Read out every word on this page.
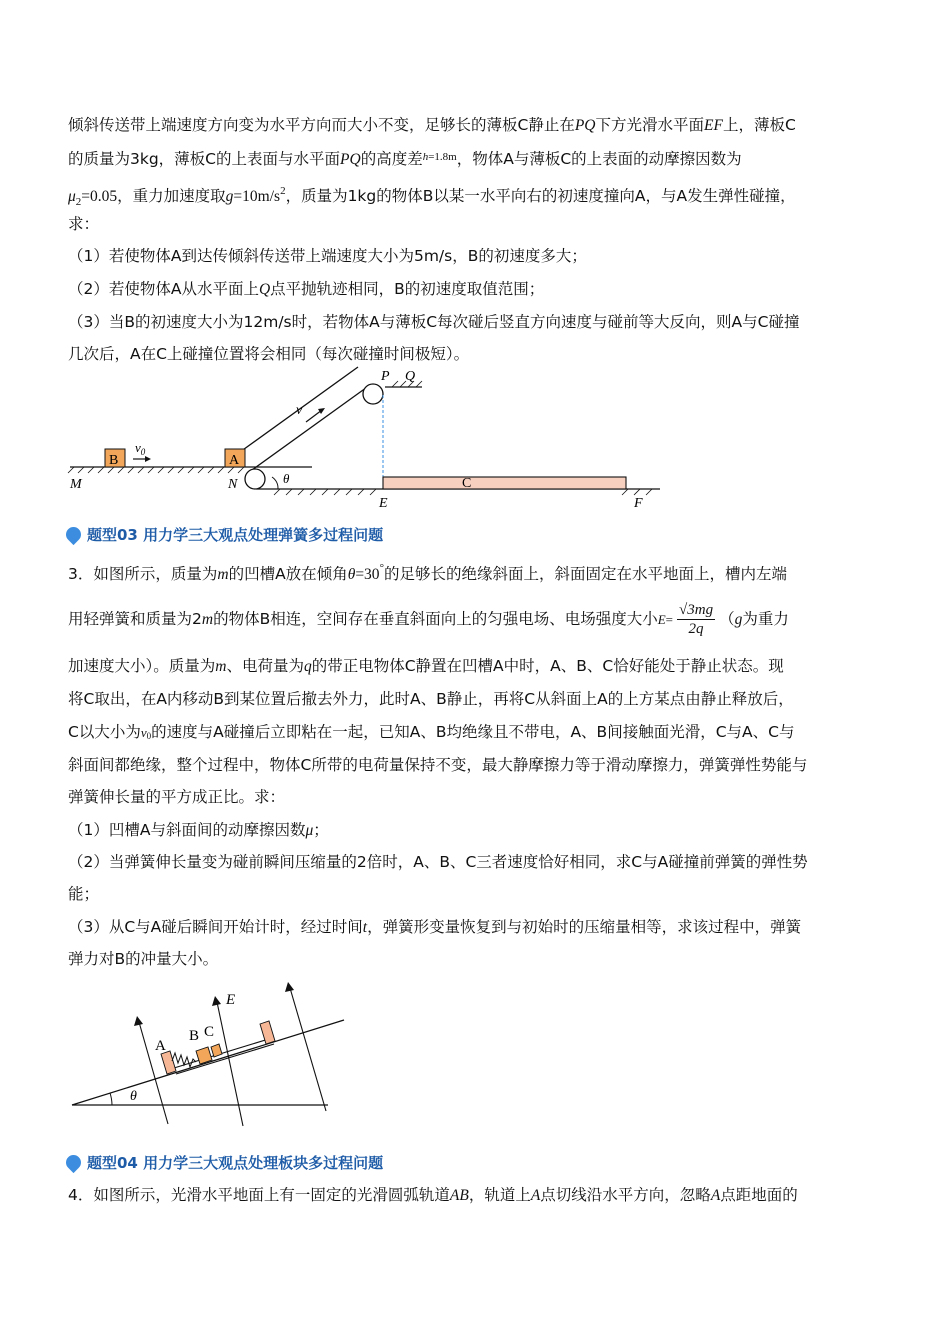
倾斜传送带上端速度方向变为水平方向而大小不变，足够长的薄板C静止在PQ下方光滑水平面EF上，薄板C
的质量为3kg，薄板C的上表面与水平面PQ的高度差$^{h=1.8m}$，物体A与薄板C的上表面的动摩擦因数为
$\mu_2=0.05$，重力加速度取$g=10m/s^2$，质量为1kg的物体B以某一水平向右的初速度撞向A，与A发生弹性碰撞，
求：
（1）若使物体A到达传倾斜传送带上端速度大小为5m/s，B的初速度多大；
（2）若使物体A从水平面上Q点平抛轨迹相同，B的初速度取值范围；
（3）当B的初速度大小为12m/s时，若物体A与薄板C每次碰后竖直方向速度与碰前等大反向，则A与C碰撞
几次后，A在C上碰撞位置将会相同（每次碰撞时间极短）。
B	A
$v_0$
v
P Q
M	N	θ	C
E	F
题型03
用力学三大观点处理弹簧多过程问题
3．如图所示，质量为m的凹槽A放在倾角θ=30°的足够长的绝缘斜面上，斜面固定在水平地面上，槽内左端
用轻弹簧和质量为2m的物体B相连，空间存在垂直斜面向上的匀强电场、电场强度大小$E= \frac{√3mg}{2q} (g$为重力
加速度大小）。质量为m、电荷量为q的带正电物体C静置在凹槽A中时，A、B、C恰好能处于静止状态。现
将C取出，在A内移动B到某位置后撤去外力，此时A、B静止，再将C从斜面上A的上方某点由静止释放后，
C以大小为v0的速度与A碰撞后立即粘在一起，已知A、B均绝缘且不带电，A、B间接触面光滑，C与A、C与
斜面间都绝缘，整个过程中，物体C所带的电荷量保持不变，最大静摩擦力等于滑动摩擦力，弹簧弹性势能与
弹簧伸长量的平方成正比。求：
（1）凹槽A与斜面间的动摩擦因数μ；
（2）当弹簧伸长量变为碰前瞬间压缩量的2倍时，A、B、C三者速度恰好相同，求C与A碰撞前弹簧的弹性势
能；
（3）从C与A碰后瞬间开始计时，经过时间t，弹簧形变量恢复到与初始时的压缩量相等，求该过程中，弹簧
弹力对B的冲量大小。
θ
A
B C
E
题型04
用力学三大观点处理板块多过程问题
4．如图所示，光滑水平地面上有一固定的光滑圆弧轨道AB，轨道上A点切线沿水平方向，忽略A点距地面的
